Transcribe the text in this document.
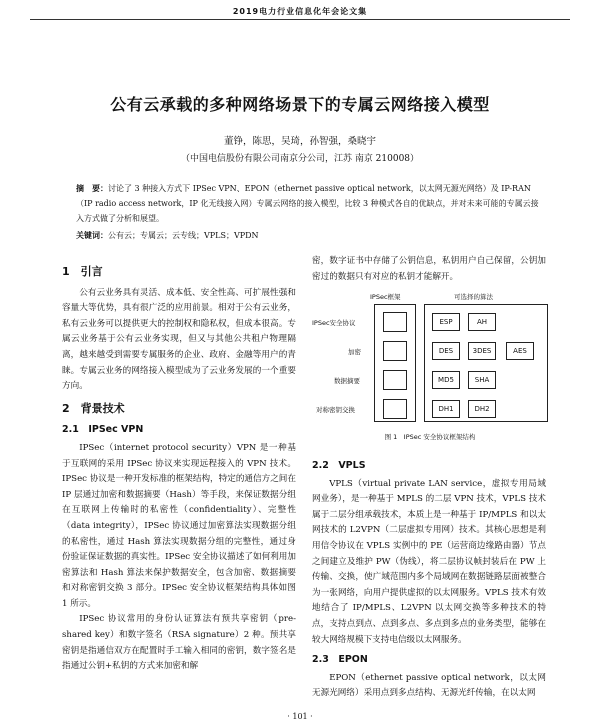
2019电力行业信息化年会论文集
公有云承载的多种网络场景下的专属云网络接入模型
董铮，陈思，吴琦，孙智强，桑晓宇
（中国电信股份有限公司南京分公司，江苏 南京 210008）
摘　要：讨论了 3 种接入方式下 IPSec VPN、EPON（ethernet passive optical network，以太网无源光网络）及 IP-RAN（IP radio access network，IP 化无线接入网）专属云网络的接入模型，比较 3 种模式各自的优缺点，并对未来可能的专属云接入方式做了分析和展望。
关键词：公有云；专属云；云专线；VPLS；VPDN
1　引言

公有云业务具有灵活、成本低、安全性高、可扩展性强和容量大等优势，具有很广泛的应用前景。相对于公有云业务，私有云业务可以提供更大的控制权和隐私权，但成本很高。专属云业务基于公有云业务实现，但又与其他公共租户物理隔离，越来越受到需要专属服务的企业、政府、金融等用户的青睐。专属云业务的网络接入模型成为了云业务发展的一个重要方向。

2　背景技术
2.1　IPSec VPN

IPSec（internet protocol security）VPN 是一种基于互联网的采用 IPSec 协议来实现远程接入的 VPN 技术。IPSec 协议是一种开发标准的框架结构，特定的通信方之间在 IP 层通过加密和数据摘要（Hash）等手段，来保证数据分组在互联网上传输时的私密性（confidentiality）、完整性（data integrity），IPSec 协议通过加密算法实现数据分组的私密性，通过 Hash 算法实现数据分组的完整性，通过身份验证保证数据的真实性。IPSec 安全协议描述了如何利用加密算法和 Hash 算法来保护数据安全，包含加密、数据摘要和对称密钥交换 3 部分。IPSec 安全协议框架结构具体如图 1 所示。

IPSec 协议常用的身份认证算法有预共享密钥（pre-shared key）和数字签名（RSA signature）2 种。预共享密钥是指通信双方在配置时手工输入相同的密钥，数字签名是指通过公钥+私钥的方式来加密和解

密，数字证书中存储了公钥信息，私钥用户自己保留，公钥加密过的数据只有对应的私钥才能解开。

IPSec框架	可选择的算法
IPSec安全协议
加密
数据摘要
对称密钥交换
ESP	AH
DES	3DES	AES
MD5	SHA
DH1	DH2
图 1　IPSec 安全协议框架结构
2.2　VPLS

VPLS（virtual private LAN service，虚拟专用局域网业务），是一种基于 MPLS 的二层 VPN 技术，VPLS 技术属于二层分组承载技术，本质上是一种基于 IP/MPLS 和以太网技术的 L2VPN（二层虚拟专用网）技术。其核心思想是利用信令协议在 VPLS 实例中的 PE（运营商边缘路由器）节点之间建立及维护 PW（伪线），将二层协议帧封装后在 PW 上传输、交换，使广域范围内多个局域网在数据链路层面被整合为一张网络，向用户提供虚拟的以太网服务。VPLS 技术有效地结合了 IP/MPLS、L2VPN 以太网交换等多种技术的特点，支持点到点、点到多点、多点到多点的业务类型，能够在较大网络规模下支持电信级以太网服务。

2.3　EPON

EPON（ethernet passive optical network，以太网无源光网络）采用点到多点结构、无源光纤传输，在以太网

· 101 ·
